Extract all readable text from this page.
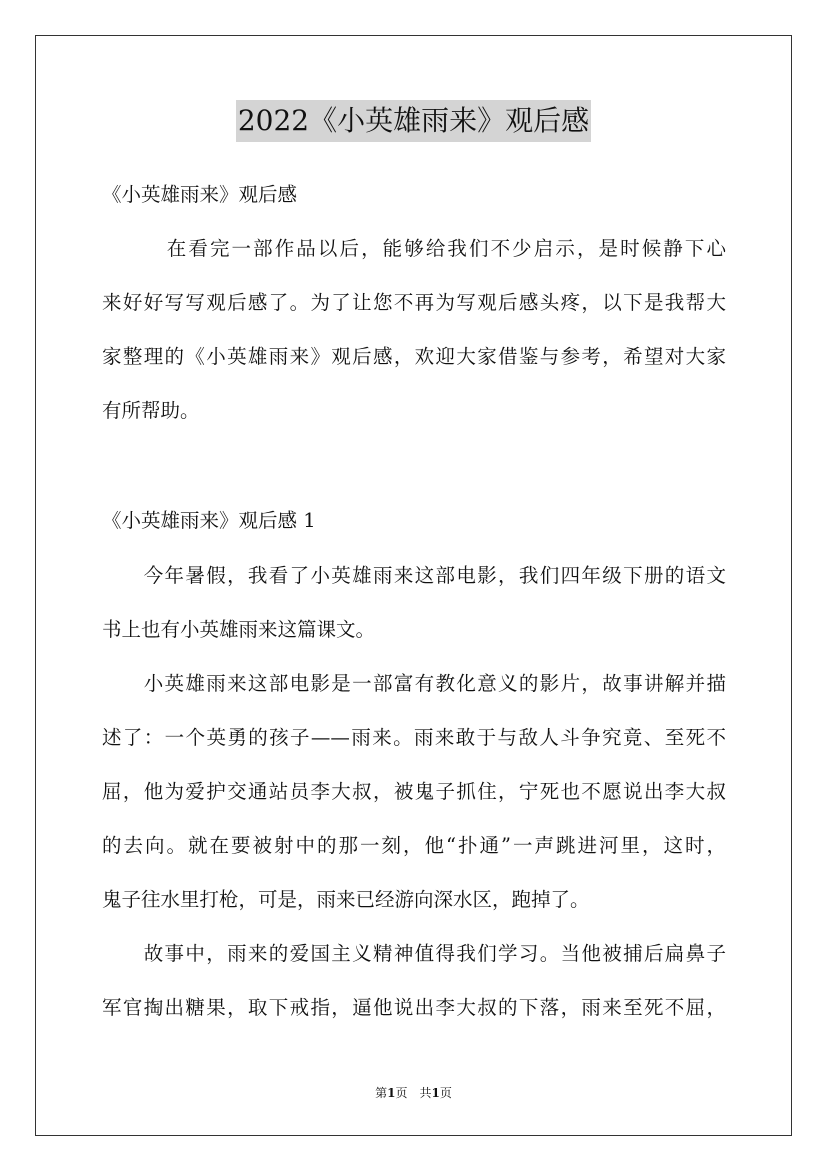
2022《小英雄雨来》观后感
《小英雄雨来》观后感
　　　在看完一部作品以后，能够给我们不少启示，是时候静下心
来好好写写观后感了。为了让您不再为写观后感头疼，以下是我帮大
家整理的《小英雄雨来》观后感，欢迎大家借鉴与参考，希望对大家
有所帮助。
《小英雄雨来》观后感 1
　　今年暑假，我看了小英雄雨来这部电影，我们四年级下册的语文
书上也有小英雄雨来这篇课文。
　　小英雄雨来这部电影是一部富有教化意义的影片，故事讲解并描
述了：一个英勇的孩子——雨来。雨来敢于与敌人斗争究竟、至死不
屈，他为爱护交通站员李大叔，被鬼子抓住，宁死也不愿说出李大叔
的去向。就在要被射中的那一刻，他“扑通”一声跳进河里，这时，
鬼子往水里打枪，可是，雨来已经游向深水区，跑掉了。
　　故事中，雨来的爱国主义精神值得我们学习。当他被捕后扁鼻子
军官掏出糖果，取下戒指，逼他说出李大叔的下落，雨来至死不屈，
第1页　共1页
